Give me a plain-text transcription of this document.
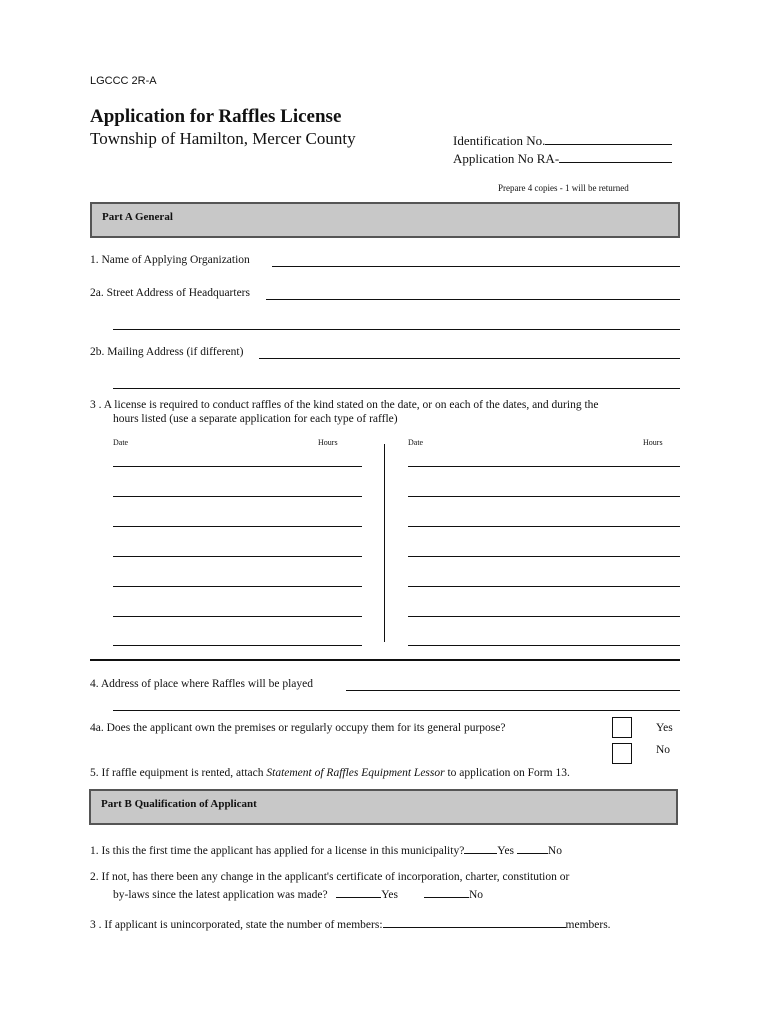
LGCCC 2R-A
Application for Raffles License
Township of Hamilton, Mercer County	Identification No.
Application No RA-
Prepare 4 copies - 1 will be returned
Part A General
1. Name of Applying Organization
2a. Street Address of Headquarters
2b. Mailing Address (if different)
3 . A license is required to conduct raffles of the kind stated on the date, or on each of the dates, and during the
hours listed (use a separate application for each type of raffle)
Date	Hours	Date	Hours
4. Address of place where Raffles will be played
4a. Does the applicant own the premises or regularly occupy them for its general purpose?	Yes
No
5. If raffle equipment is rented, attach Statement of Raffles Equipment Lessor to application on Form 13.
Part B Qualification of Applicant
1. Is this the first time the applicant has applied for a license in this municipality?	Yes	No
2. If not, has there been any change in the applicant's certificate of incorporation, charter, constitution or
by-laws since the latest application was made?	Yes	No
3 . If applicant is unincorporated, state the number of members:	members.
